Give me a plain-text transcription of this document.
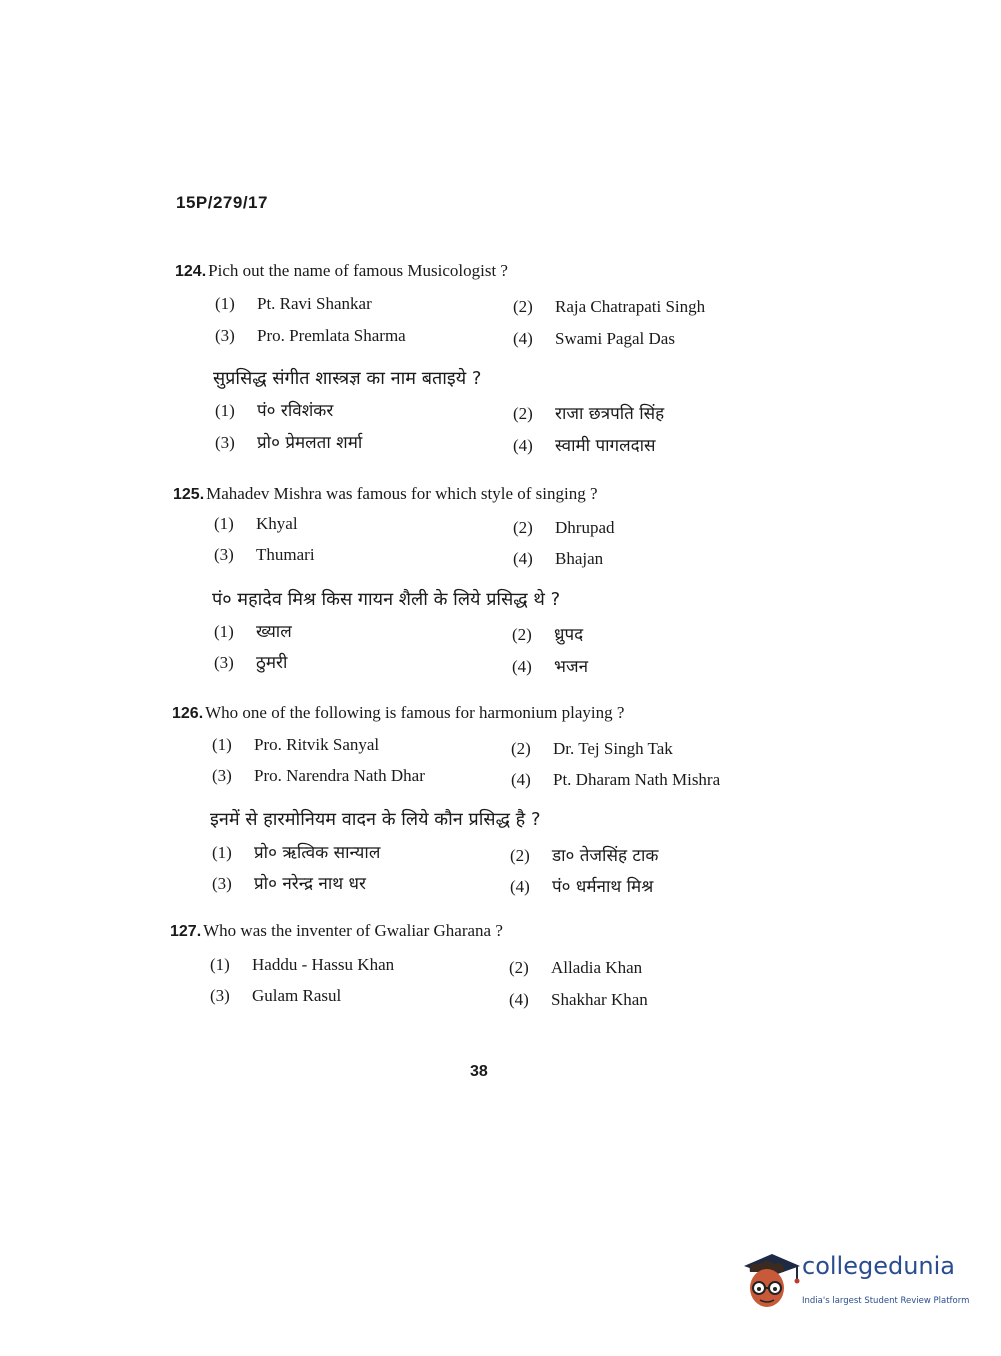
15P/279/17
124. Pich out the name of famous Musicologist ?
(1) Pt. Ravi Shankar	(2) Raja Chatrapati Singh
(3) Pro. Premlata Sharma	(4) Swami Pagal Das
सुप्रसिद्ध संगीत शास्त्रज्ञ का नाम बताइये ?
(1) पं० रविशंकर	(2) राजा छत्रपति सिंह
(3) प्रो० प्रेमलता शर्मा	(4) स्वामी पागलदास
125. Mahadev Mishra was famous for which style of singing ?
(1) Khyal	(2) Dhrupad
(3) Thumari	(4) Bhajan
पं० महादेव मिश्र किस गायन शैली के लिये प्रसिद्ध थे ?
(1) ख्याल	(2) ध्रुपद
(3) ठुमरी	(4) भजन
126. Who one of the following is famous for harmonium playing ?
(1) Pro. Ritvik Sanyal	(2) Dr. Tej Singh Tak
(3) Pro. Narendra Nath Dhar	(4) Pt. Dharam Nath Mishra
इनमें से हारमोनियम वादन के लिये कौन प्रसिद्ध है ?
(1) प्रो० ऋत्विक सान्याल	(2) डा० तेजसिंह टाक
(3) प्रो० नरेन्द्र नाथ धर	(4) पं० धर्मनाथ मिश्र
127. Who was the inventer of Gwaliar Gharana ?
(1) Haddu - Hassu Khan	(2) Alladia Khan
(3) Gulam Rasul	(4) Shakhar Khan
38
collegedunia
India's largest Student Review Platform
